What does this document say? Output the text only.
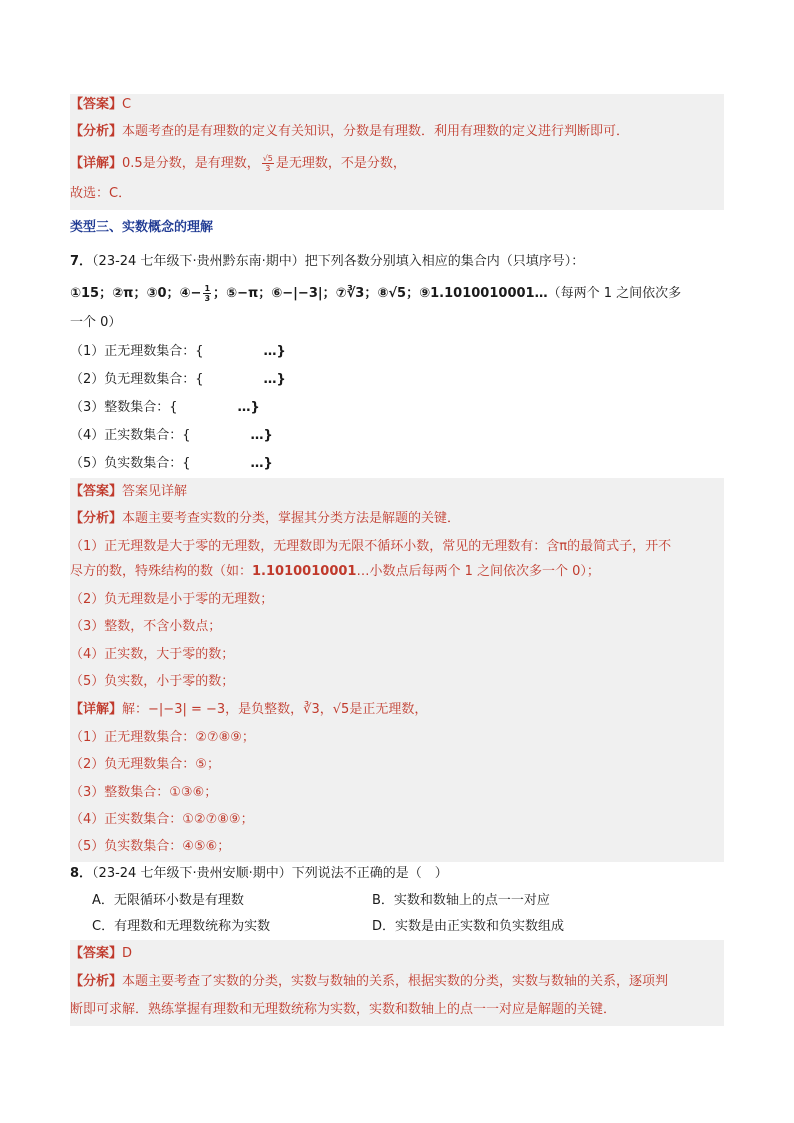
【答案】C
【分析】本题考查的是有理数的定义有关知识，分数是有理数．利用有理数的定义进行判断即可．
【详解】0.5是分数，是有理数， $\frac{√5}{3}$ 是无理数，不是分数，
故选：C．
类型三、实数概念的理解
7．（23-24 七年级下·贵州黔东南·期中）把下列各数分别填入相应的集合内（只填序号）：
①15；②π；③0；④− $\frac{1}{3}$ ；⑤−π；⑥−|−3|；⑦∛3；⑧√5；⑨1.1010010001…（每两个 1 之间依次多
一个 0）
（1）正无理数集合：{	…}
（2）负无理数集合：{	…}
（3）整数集合：{	…}
（4）正实数集合：{	…}
（5）负实数集合：{	…}
【答案】答案见详解
【分析】本题主要考查实数的分类，掌握其分类方法是解题的关键．
（1）正无理数是大于零的无理数，无理数即为无限不循环小数，常见的无理数有：含π的最简式子，开不
尽方的数，特殊结构的数（如：1.1010010001…小数点后每两个 1 之间依次多一个 0）；
（2）负无理数是小于零的无理数；
（3）整数，不含小数点；
（4）正实数，大于零的数；
（5）负实数，小于零的数；
【详解】解：−|−3| = −3，是负整数，∛3，√5是正无理数，
（1）正无理数集合：②⑦⑧⑨；
（2）负无理数集合：⑤；
（3）整数集合：①③⑥；
（4）正实数集合：①②⑦⑧⑨；
（5）负实数集合：④⑤⑥；
8．（23-24 七年级下·贵州安顺·期中）下列说法不正确的是（　）
A．无限循环小数是有理数	B．实数和数轴上的点一一对应
C．有理数和无理数统称为实数	D．实数是由正实数和负实数组成
【答案】D
【分析】本题主要考查了实数的分类，实数与数轴的关系，根据实数的分类，实数与数轴的关系，逐项判
断即可求解．熟练掌握有理数和无理数统称为实数，实数和数轴上的点一一对应是解题的关键．
